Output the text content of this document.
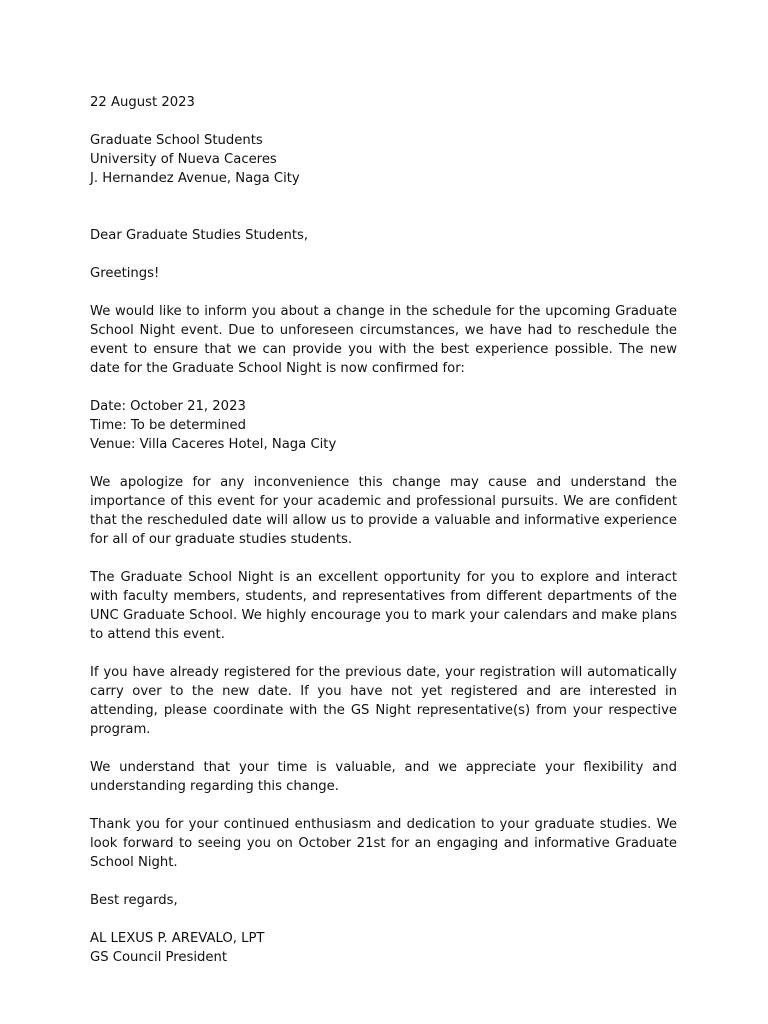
22 August 2023
Graduate School Students
University of Nueva Caceres
J. Hernandez Avenue, Naga City
Dear Graduate Studies Students,
Greetings!

We would like to inform you about a change in the schedule for the upcoming Graduate School Night event. Due to unforeseen circumstances, we have had to reschedule the event to ensure that we can provide you with the best experience possible. The new date for the Graduate School Night is now confirmed for:

Date: October 21, 2023
Time: To be determined
Venue: Villa Caceres Hotel, Naga City

We apologize for any inconvenience this change may cause and understand the importance of this event for your academic and professional pursuits. We are confident that the rescheduled date will allow us to provide a valuable and informative experience for all of our graduate studies students.

The Graduate School Night is an excellent opportunity for you to explore and interact with faculty members, students, and representatives from different departments of the UNC Graduate School. We highly encourage you to mark your calendars and make plans to attend this event.

If you have already registered for the previous date, your registration will automatically carry over to the new date. If you have not yet registered and are interested in attending, please coordinate with the GS Night representative(s) from your respective program.

We understand that your time is valuable, and we appreciate your flexibility and understanding regarding this change.

Thank you for your continued enthusiasm and dedication to your graduate studies. We look forward to seeing you on October 21st for an engaging and informative Graduate School Night.

Best regards,
AL LEXUS P. AREVALO, LPT
GS Council President
